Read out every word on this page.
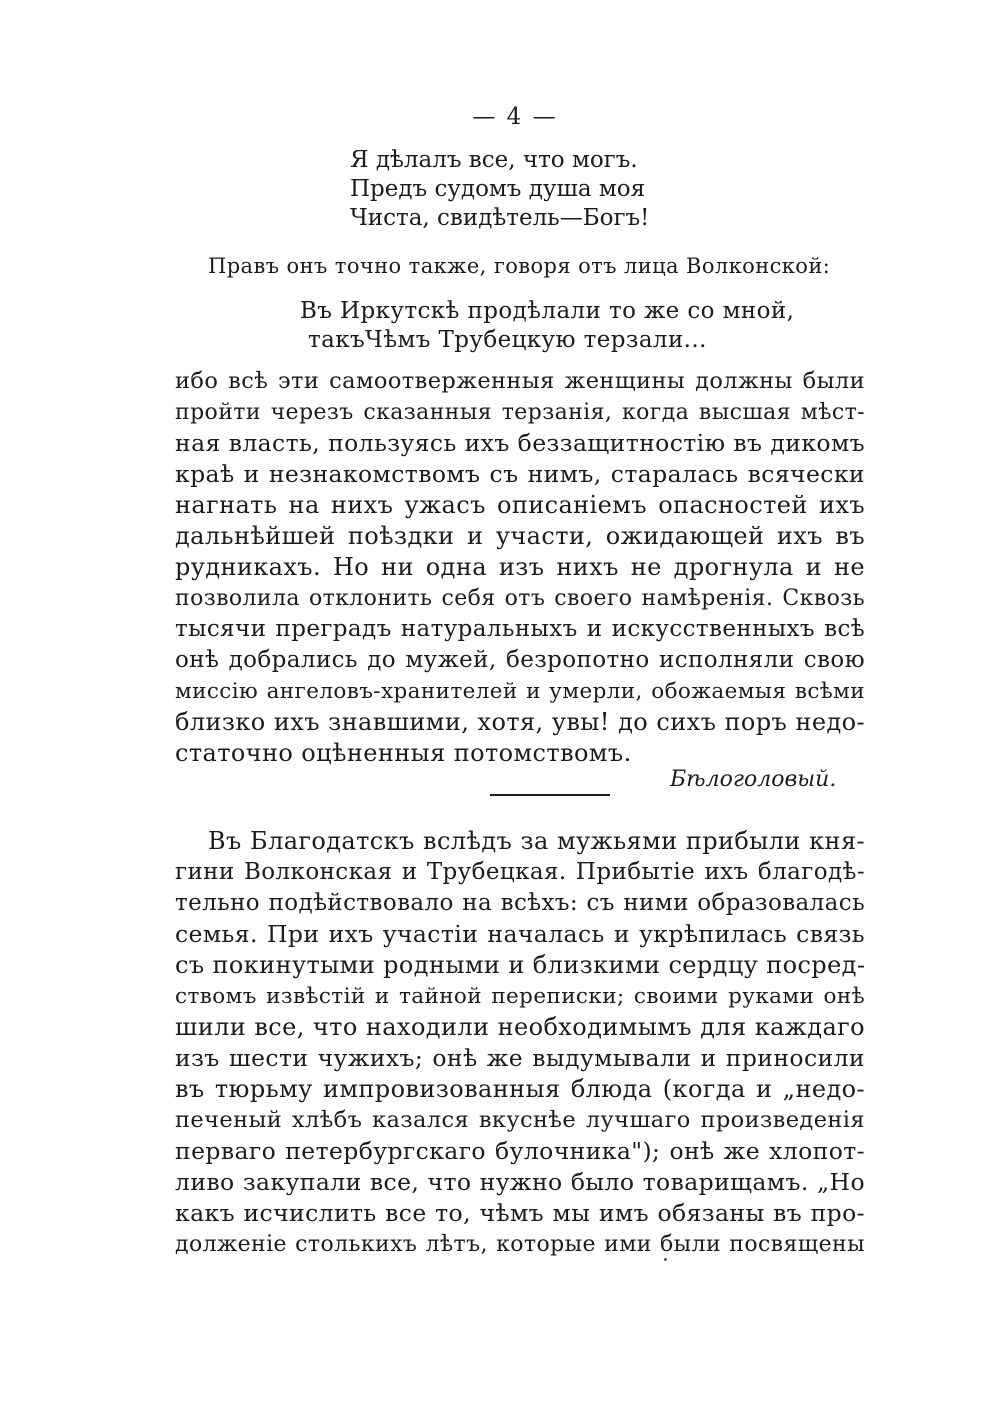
— 4 —
Я дѣлалъ все, что могъ.
Предъ судомъ душа моя
Чиста, свидѣтель—Богъ!
Правъ онъ точно также, говоря отъ лица Волконской:
Въ Иркутскѣ продѣлали то же со мной,
такъЧѣмъ Трубецкую терзали...
ибо всѣ эти самоотверженныя женщины должны были
пройти черезъ сказанныя терзанія, когда высшая мѣст-
ная власть, пользуясь ихъ беззащитностію въ дикомъ
краѣ и незнакомствомъ съ нимъ, старалась всячески
нагнать на нихъ ужасъ описаніемъ опасностей ихъ
дальнѣйшей поѣздки и участи, ожидающей ихъ въ
рудникахъ. Но ни одна изъ нихъ не дрогнула и не
позволила отклонить себя отъ своего намѣренія. Сквозь
тысячи преградъ натуральныхъ и искусственныхъ всѣ
онѣ добрались до мужей, безропотно исполняли свою
миссію ангеловъ-хранителей и умерли, обожаемыя всѣми
близко ихъ знавшими, хотя, увы! до сихъ поръ недо-
статочно оцѣненныя потомствомъ.
Бѣлоголовый.
Въ Благодатскъ вслѣдъ за мужьями прибыли кня-
гини Волконская и Трубецкая. Прибытіе ихъ благодѣ-
тельно подѣйствовало на всѣхъ: съ ними образовалась
семья. При ихъ участіи началась и укрѣпилась связь
съ покинутыми родными и близкими сердцу посред-
ствомъ извѣстій и тайной переписки; своими руками онѣ
шили все, что находили необходимымъ для каждаго
изъ шести чужихъ; онѣ же выдумывали и приносили
въ тюрьму импровизованныя блюда (когда и „недо-
печеный хлѣбъ казался вкуснѣе лучшаго произведенія
перваго петербургскаго булочника"); онѣ же хлопот-
ливо закупали все, что нужно было товарищамъ. „Но
какъ исчислить все то, чѣмъ мы имъ обязаны въ про-
долженіе столькихъ лѣтъ, которые ими были посвящены
